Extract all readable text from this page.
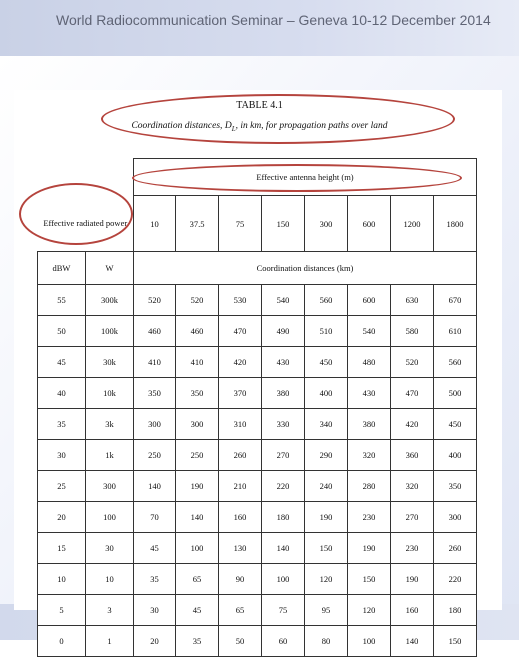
World Radiocommunication Seminar – Geneva 10-12 December 2014
TABLE 4.1
Coordination distances, $D_L$, in km, for propagation paths over land
		Effective antenna height (m)							
Effective radiated power		10	37.5	75	150	300	600	1200	1800
dBW	W	Coordination distances (km)							
55	300k	520	520	530	540	560	600	630	670
50	100k	460	460	470	490	510	540	580	610
45	30k	410	410	420	430	450	480	520	560
40	10k	350	350	370	380	400	430	470	500
35	3k	300	300	310	330	340	380	420	450
30	1k	250	250	260	270	290	320	360	400
25	300	140	190	210	220	240	280	320	350
20	100	70	140	160	180	190	230	270	300
15	30	45	100	130	140	150	190	230	260
10	10	35	65	90	100	120	150	190	220
5	3	30	45	65	75	95	120	160	180
0	1	20	35	50	60	80	100	140	150
